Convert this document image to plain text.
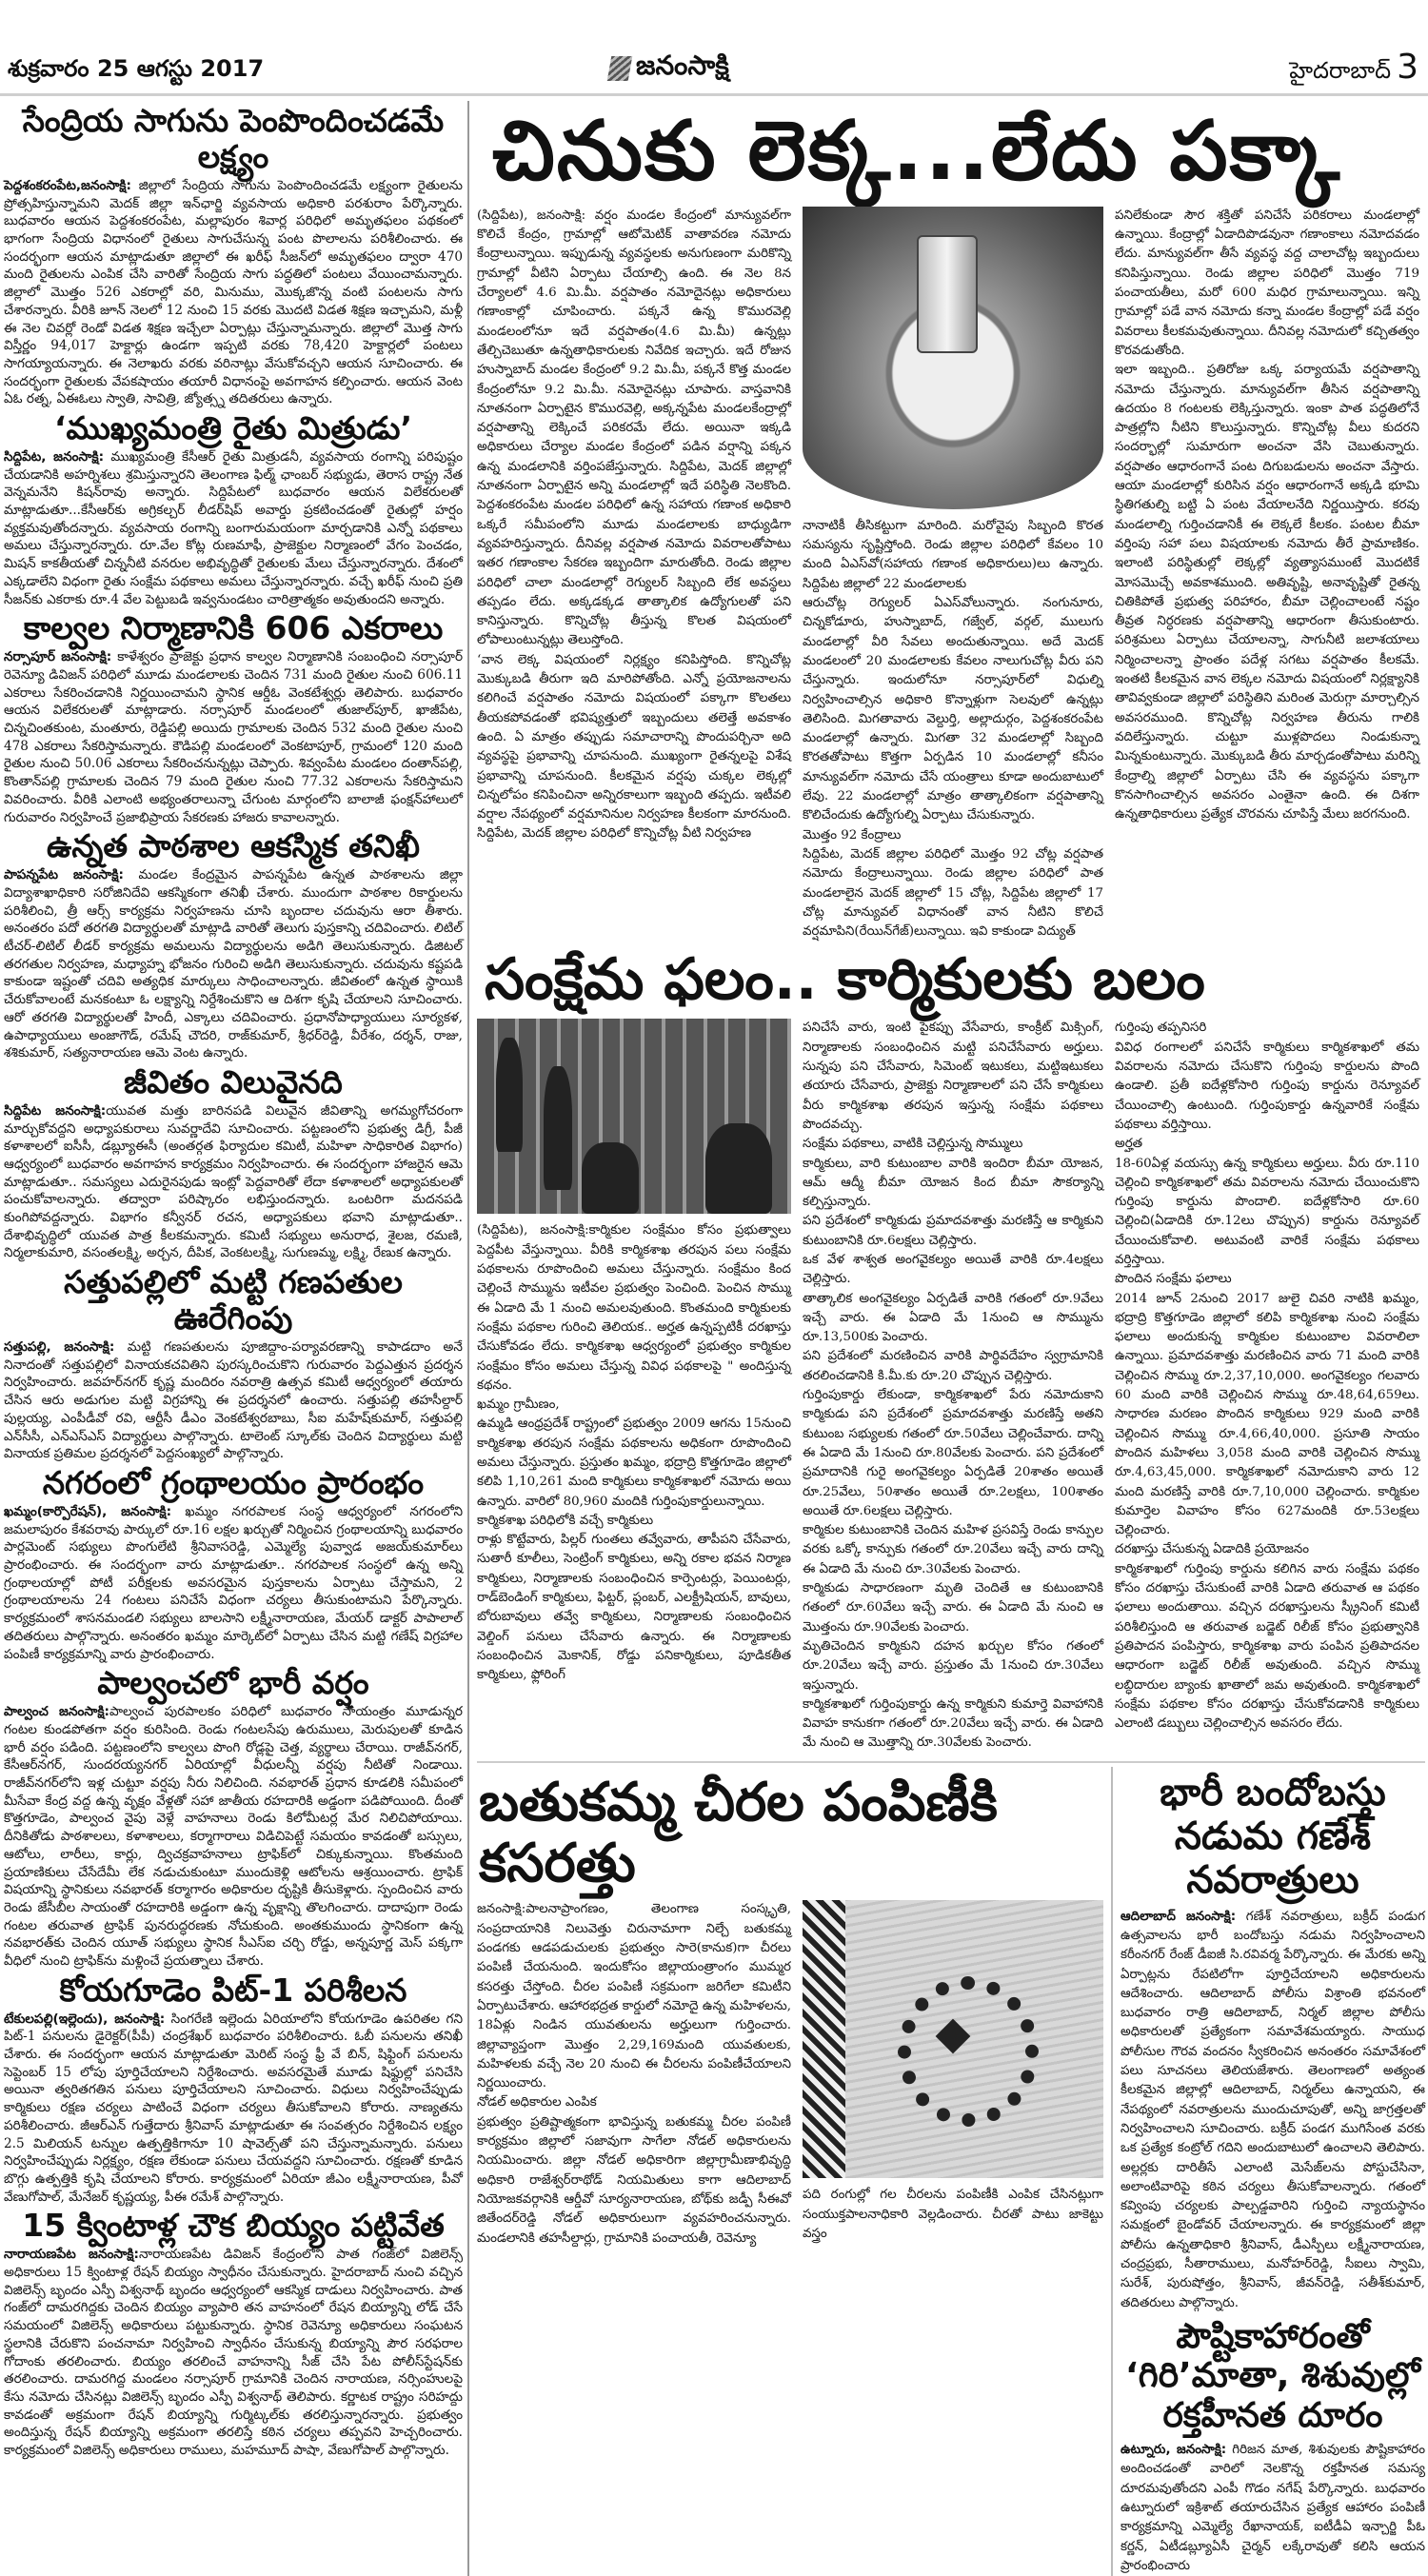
శుక్రవారం 25 ఆగస్టు 2017	జనంసాక్షి	హైదరాబాద్ 3
సేంద్రియ సాగును పెంపొందించడమే లక్ష్యం

పెద్దశంకరంపేట,జనంసాక్షి: జిల్లాలో సేంద్రియ సాగును పెంపొందించడమే లక్ష్యంగా రైతులను ప్రోత్సహిస్తున్నామని మెదక్ జిల్లా ఇన్‌ఛార్జి వ్యవసాయ అధికారి పరశురాం పేర్కొన్నారు. బుధవారం ఆయన పెద్దశంకరంపేట, మల్లాపురం శివార్ల పరిధిలో అమృతఫలం పథకంలో భాగంగా సేంద్రియ విధానంలో రైతులు సాగుచేసున్న పంట పొలాలను పరిశీలించారు. ఈ సందర్భంగా ఆయన మాట్లాడుతూ జిల్లాలో ఈ ఖరీఫ్ సీజన్‌లో అమృతఫలం ద్వారా 470 మంది రైతులను ఎంపిక చేసి వారితో సేంద్రియ సాగు పద్ధతిలో పంటలు వేయించామన్నారు. జిల్లాలో మొత్తం 526 ఎకరాల్లో వరి, మినుము, మొక్కజొన్న వంటి పంటలను సాగు చేశారన్నారు. వీరికి జూన్ నెలలో 12 నుంచి 15 వరకు మొదటి విడత శిక్షణ ఇచ్చామని, మళ్లీ ఈ నెల చివర్లో రెండో విడత శిక్షణ ఇచ్చేలా ఏర్పాట్లు చేస్తున్నామన్నారు. జిల్లాలో మొత్త సాగు విస్తీర్ణం 94,017 హెక్టార్లు ఉండగా ఇప్పటి వరకు 78,420 హెక్టార్లలో పంటలు సాగయ్యాయన్నారు. ఈ నెలాఖరు వరకు వరినాట్లు వేసుకోవచ్చని ఆయన సూచించారు. ఈ సందర్భంగా రైతులకు వేపకషాయం తయారీ విధానంపై అవగాహన కల్పించారు. ఆయన వెంట ఏఓ రత్న, ఏఈఓలు స్వాతి, సావిత్రి, జ్యోత్స్న తదితరులు ఉన్నారు.

‘ముఖ్యమంత్రి రైతు మిత్రుడు’

సిద్దిపేట, జనంసాక్షి: ముఖ్యమంత్రి కేసీఆర్ రైతు మిత్రుడనీ, వ్యవసాయ రంగాన్ని పరిపుష్టం చేయడానికి అహర్నిశలు శ్రమిస్తున్నారని తెలంగాణ ఫిల్మ్ ఛాంబర్ సభ్యుడు, తెరాస రాష్ట్ర నేత వెన్నమనేని కిషన్‌రావు అన్నారు. సిద్దిపేటలో బుధవారం ఆయన విలేకరులతో మాట్లాడుతూ...కేసీఆర్‌కు అగ్రికల్చర్ లీడర్‌షిప్ అవార్డు ప్రకటించడంతో రైతుల్లో హర్షం వ్యక్తమవుతోందన్నారు. వ్యవసాయ రంగాన్ని బంగారుమయంగా మార్చడానికి ఎన్నో పథకాలు అమలు చేస్తున్నారన్నారు. రూ.వేల కోట్ల రుణమాఫీ, ప్రాజెక్టుల నిర్మాణంలో వేగం పెంచడం, మిషన్ కాకతీయతో చిన్ననీటి వనరుల అభివృద్ధితో రైతులకు మేలు చేస్తున్నారన్నారు. దేశంలో ఎక్కడాలేని విధంగా రైతు సంక్షేమ పథకాలు అమలు చేస్తున్నారన్నారు. వచ్చే ఖరీఫ్ నుంచి ప్రతి సీజన్‌కు ఎకరాకు రూ.4 వేల పెట్టుబడి ఇవ్వనుండటం చారిత్రాత్మకం అవుతుందని అన్నారు.

కాల్వల నిర్మాణానికి 606 ఎకరాలు

నర్సాపూర్ జనంసాక్షి: కాళేశ్వరం ప్రాజెక్టు ప్రధాన కాల్వల నిర్మాణానికి సంబంధించి నర్సాపూర్ రెవెన్యూ డివిజన్ పరిధిలో మూడు మండలాలకు చెందిన 731 మంది రైతుల నుంచి 606.11 ఎకరాలు సేకరించడానికి నిర్ణయించామని స్థానిక ఆర్డీఓ వెంకటేశ్వర్లు తెలిపారు. బుధవారం ఆయన విలేకరులతో మాట్లాడారు. నర్సాపూర్ మండలంలో తుజాల్‌పూర్, ఖాజీపేట, చిన్నచింతకుంట, మంతూరు, రెడ్డిపల్లి అయిదు గ్రామాలకు చెందిన 532 మంది రైతుల నుంచి 478 ఎకరాలు సేకరిస్తామన్నారు. కౌడిపల్లి మండలంలో వెంకటాపూర్, గ్రామంలో 120 మంది రైతుల నుంచి 50.06 ఎకరాలు సేకరించనున్నట్లు చెప్పారు. శివ్వంపేట మండలం దంతాన్‌పల్లి, కొంతాన్‌పల్లి గ్రామాలకు చెందిన 79 మంది రైతుల నుంచి 77.32 ఎకరాలను సేకరిస్తామని వివరించారు. వీరికి ఎలాంటి అభ్యంతరాలున్నా చేగుంట మార్గంలోని బాలాజీ ఫంక్షన్‌హాలులో గురువారం నిర్వహించే ప్రజాభిప్రాయ సేకరణకు హాజరు కావాలన్నారు.

ఉన్నత పాఠశాల ఆకస్మిక తనిఖీ

పాపన్నపేట జనంసాక్షి: మండల కేంద్రమైన పాపన్నపేట ఉన్నత పాఠశాలను జిల్లా విద్యాశాఖాధికారి సరోజినిదేవి ఆకస్మికంగా తనిఖీ చేశారు. ముందుగా పాఠశాల రికార్డులను పరిశీలించి, త్రీ ఆర్స్ కార్యక్రమ నిర్వహణను చూసి బృందాల చదువును ఆరా తీశారు. అనంతరం పదో తరగతి విద్యార్థులతో మాట్లాడి వారితో తెలుగు పుస్తకాన్ని చదివించారు. లిటిల్ టీచర్-లిటిల్ లీడర్ కార్యక్రమ అమలును విద్యార్థులను అడిగి తెలుసుకున్నారు. డిజిటల్ తరగతుల నిర్వహణ, మధ్యాహ్న భోజనం గురించి అడిగి తెలుసుకున్నారు. చదువును కష్టపడి కాకుండా ఇష్టంతో చదివి అత్యధిక మార్కులు సాధించాలన్నారు. జీవితంలో ఉన్నత స్థాయికి చేరుకోవాలంటే మనకంటూ ఓ లక్ష్యాన్ని నిర్దేశించుకొని ఆ దిశగా కృషి చేయాలని సూచించారు. ఆరో తరగతి విద్యార్థులతో హిందీ, ఎక్కాలు చదివించారు. ప్రధానోపాధ్యాయులు సూర్యకళ, ఉపాధ్యాయులు అంజాగౌడ్, రమేష్ చౌదరి, రాజ్‌కుమార్, శ్రీధర్‌రెడ్డి, వీరేశం, దర్శన్, రాజు, శశికుమార్, సత్యనారాయణ ఆమె వెంట ఉన్నారు.

జీవితం విలువైనది

సిద్దిపేట జనంసాక్షి:యువత మత్తు బారినపడి విలువైన జీవితాన్ని అగమ్యగోచరంగా మార్చుకోవద్దని అధ్యాపకురాలు సువర్ణాదేవి సూచించారు. పట్టణంలోని ప్రభుత్వ డిగ్రీ, పీజీ కళాశాలలో ఐసీసీ, డబ్ల్యూఈసీ (అంతర్గత ఫిర్యాదుల కమిటీ, మహిళా సాధికారిత విభాగం) ఆధ్వర్యంలో బుధవారం అవగాహన కార్యక్రమం నిర్వహించారు. ఈ సందర్భంగా హాజరైన ఆమె మాట్లాడుతూ.. సమస్యలు ఎదురైనపుడు ఇంట్లో పెద్దవారితో లేదా కళాశాలలో అధ్యాపకులతో పంచుకోవాలన్నారు. తద్వారా పరిష్కారం లభిస్తుందన్నారు. ఒంటరిగా మదనపడి కుంగిపోవద్దన్నారు. విభాగం కన్వీనర్ రచన, అధ్యాపకులు భవాని మాట్లాడుతూ.. దేశాభివృద్ధిలో యువత పాత్ర కీలకమన్నారు. కమిటీ సభ్యులు అనురాధ, శైలజ, రమణి, నిర్మలాకుమారి, వసంతలక్ష్మి, అర్చన, దీపిక, వెంకటలక్ష్మి, సుగుణమ్మ, లక్ష్మి, రేణుక ఉన్నారు.

సత్తుపల్లిలో మట్టి గణపతుల ఊరేగింపు

సత్తుపల్లి, జనంసాక్షి: మట్టి గణపతులను పూజిద్దాం-పర్యావరణాన్ని కాపాడదాం అనే నినాదంతో సత్తుపల్లిలో వినాయకచవితిని పురస్కరించుకొని గురువారం పెద్దఎత్తున ప్రదర్శన నిర్వహించారు. జవహర్‌నగర్ కృష్ణ మందిరం నవరాత్రి ఉత్సవ కమిటీ ఆధ్వర్యంలో తయారు చేసిన ఆరు అడుగుల మట్టి విగ్రహాన్ని ఈ ప్రదర్శనలో ఉంచారు. సత్తుపల్లి తహసీల్దార్ పుల్లయ్య, ఎంపీడీవో రవి, ఆర్టీసీ డీఎం వెంకటేశ్వరబాబు, సీఐ మహేష్‌కుమార్, సత్తుపల్లి ఎన్‌సీసీ, ఎన్‌ఎస్‌ఎస్ విద్యార్థులు పాల్గొన్నారు. టాలెంట్ స్కూల్‌కు చెందిన విద్యార్థులు మట్టి వినాయక ప్రతిమల ప్రదర్శనలో పెద్దసంఖ్యలో పాల్గొన్నారు.

నగరంలో గ్రంథాలయం ప్రారంభం

ఖమ్మం(కార్పొరేషన్), జనంసాక్షి: ఖమ్మం నగరపాలక సంస్థ ఆధ్వర్యంలో నగరంలోని జమలాపురం కేశవరావు పార్కులో రూ.16 లక్షల ఖర్చుతో నిర్మించిన గ్రంథాలయాన్ని బుధవారం పార్లమెంట్ సభ్యులు పొంగులేటి శ్రీనివాసరెడ్డి, ఎమ్మెల్యే పువ్వాడ అజయ్‌కుమార్‌లు ప్రారంభించారు. ఈ సందర్భంగా వారు మాట్లాడుతూ.. నగరపాలక సంస్థలో ఉన్న అన్ని గ్రంథాలయాల్లో పోటీ పరీక్షలకు అవసరమైన పుస్తకాలను ఏర్పాటు చేస్తామని, 2 గ్రంథాలయాలను 24 గంటలు పనిచేసే విధంగా చర్యలు తీసుకుంటామని పేర్కొన్నారు. కార్యక్రమంలో శాసనమండలి సభ్యులు బాలసాని లక్ష్మీనారాయణ, మేయర్ డాక్టర్ పాపాలాల్ తదితరులు పాల్గొన్నారు. అనంతరం ఖమ్మం మార్కెట్‌లో ఏర్పాటు చేసిన మట్టి గణేష్ విగ్రహాల పంపిణీ కార్యక్రమాన్ని వారు ప్రారంభించారు.

పాల్వంచలో భారీ వర్షం

పాల్వంచ జనంసాక్షి:పాల్వంచ పురపాలకం పరిధిలో బుధవారం సాయంత్రం మూడున్నర గంటల కుండపోతగా వర్షం కురిసింది. రెండు గంటలసేపు ఉరుములు, మెరుపులతో కూడిన భారీ వర్షం పడింది. పట్టణంలోని కాల్వలు పొంగి రోడ్లపై చెత్త, వ్యర్థాలు చేరాయి. రాజీవ్‌నగర్, కేసీఆర్‌నగర్, సుందరయ్యనగర్ ఏరియాల్లో వీధులన్నీ వర్షపు నీటితో నిండాయి. రాజీవ్‌నగర్‌లోని ఇళ్ల చుట్టూ వర్షపు నీరు నిలిచింది. నవభారత్ ప్రధాన కూడలికి సమీపంలో మీసేవా కేంద్ర వద్ద ఉన్న వృక్షం వేళ్లతో సహా జాతీయ రహదారికి అడ్డంగా పడిపోయింది. దీంతో కొత్తగూడెం, పాల్వంచ వైపు వెళ్లే వాహనాలు రెండు కిలోమీటర్ల మేర నిలిచిపోయాయి. దీనికితోడు పాఠశాలలు, కళాశాలలు, కర్మాగారాలు విడిచిపెట్టే సమయం కావడంతో బస్సులు, ఆటోలు, లారీలు, కార్లు, ద్విచక్రవాహనాలు ట్రాఫిక్‌లో చిక్కుకున్నాయి. కొంతమంది ప్రయాణికులు చేసేదేమీ లేక నడుచుకుంటూ ముందుకెళ్లి ఆటోలను ఆశ్రయించారు. ట్రాఫిక్ విషయాన్ని స్థానికులు నవభారత్ కర్మాగారం అధికారుల దృష్టికి తీసుకెళ్లారు. స్పందించిన వారు రెండు జేసీబీల సాయంతో రహదారికి అడ్డంగా ఉన్న వృక్షాన్ని తొలగించారు. దాదాపుగా రెండు గంటల తరువాత ట్రాఫిక్ పునరుద్ధరణకు నోచుకుంది. అంతకుముందు స్థానికంగా ఉన్న నవభారత్‌కు చెందిన యూత్ సభ్యులు స్థానిక సీఎస్‌ఐ చర్చి రోడ్డు, అన్నపూర్ణ మెస్ పక్కగా వీధిలో నుంచి ట్రాఫిక్‌ను మళ్లించే ప్రయత్నాలు చేశారు.

కోయగూడెం పిట్-1 పరిశీలన

టేకులపల్లి(ఇల్లెందు), జనంసాక్షి: సింగరేణి ఇల్లెందు ఏరియాలోని కోయగూడెం ఉపరితల గని పిట్-1 పనులను డైరెక్టర్(పీపీ) చంద్రశేఖర్ బుధవారం పరిశీలించారు. ఓబీ పనులను తనిఖీ చేశారు. ఈ సందర్భంగా ఆయన మాట్లాడుతూ మెరిట్ సంస్థ ఫ్రీ వే బిన్, షిఫ్టింగ్ పనులను సెప్టెంబర్ 15 లోపు పూర్తిచేయాలని నిర్దేశించారు. అవసరమైతే మూడు షిఫ్టుల్లో పనిచేసి అయినా త్వరితగతిన పనులు పూర్తిచేయాలని సూచించారు. విధులు నిర్వహించేప్పుడు కార్మికులు రక్షణ చర్యలు పాటించే విధంగా చర్యలు తీసుకోవాలని కోరారు. నాణ్యతను పరిశీలించారు. జీఆర్‌ఎన్ గుత్తేదారు శ్రీనివాస్ మాట్లాడుతూ ఈ సంవత్సరం నిర్దేశించిన లక్ష్యం 2.5 మిలియన్ టన్నుల ఉత్పత్తికిగానూ 10 షావెల్స్‌తో పని చేస్తున్నామన్నారు. పనులు నిర్వహించేప్పుడు నిర్లక్ష్యం, రక్షణ లేకుండా పనులు చేయవద్దని సూచించారు. రక్షణతో కూడిన బొగ్గు ఉత్పత్తికి కృషి చేయాలని కోరారు. కార్యక్రమంలో ఏరియా జీఎం లక్ష్మీనారాయణ, పీవో వేణుగోపాల్, మేనేజర్ కృష్ణయ్య, పీఈ రమేశ్ పాల్గొన్నారు.

15 క్వింటాళ్ల చౌక బియ్యం పట్టివేత

నారాయణపేట జనంసాక్షి:నారాయణపేట డివిజన్ కేంద్రంలోని పాత గంజ్‌లో విజిలెన్స్ అధికారులు 15 క్వింటాళ్ల రేషన్ బియ్యం స్వాధీనం చేసుకున్నారు. హైదరాబాద్ నుంచి వచ్చిన విజిలెన్స్ బృందం ఎస్పీ విశ్వనాథ్ బృందం ఆధ్వర్యంలో ఆకస్మిక దాడులు నిర్వహించారు. పాత గంజ్‌లో దామరగిద్దకు చెందిన బియ్యం వ్యాపారి తన వాహనంలో రేషన బియ్యాన్ని లోడ్ చేసే సమయంలో విజిలెన్స్ అధికారులు పట్టుకున్నారు. స్థానిక రెవెన్యూ అధికారులు సంఘటన స్థలానికి చేరుకొని పంచనామా నిర్వహించి స్వాధీనం చేసుకున్న బియ్యాన్ని పౌర సరఫరాల గోదాంకు తరలించారు. బియ్యం తరలించే వాహనాన్ని సీజ్ చేసి పేట పోలీస్‌స్టేషన్‌కు తరలించారు. దామరగిద్ద మండలం నర్సాపూర్ గ్రామానికి చెందిన నారాయణ, నర్సింహులపై కేసు నమోదు చేసినట్లు విజిలెన్స్ బృందం ఎస్పీ విశ్వనాథ్ తెలిపారు. కర్ణాటక రాష్ట్రం సరిహద్దు కావడంతో అక్రమంగా రేషన్ బియ్యాన్ని గుర్మిట్కల్‌కు తరలిస్తున్నారన్నారు. ప్రభుత్వం అందిస్తున్న రేషన్ బియ్యాన్ని అక్రమంగా తరలిస్తే కఠిన చర్యలు తప్పవని హెచ్చరించారు. కార్యక్రమంలో విజిలెన్స్ అధికారులు రాములు, మహమూద్ పాషా, వేణుగోపాల్ పాల్గొన్నారు.

చినుకు లెక్క...లేదు పక్కా

(సిద్దిపేట), జనంసాక్షి: వర్షం మండల కేంద్రంలో మాన్యువల్‌గా కొలిచే కేంద్రం, గ్రామాల్లో ఆటోమెటిక్ వాతావరణ నమోదు కేంద్రాలున్నాయి. ఇప్పుడున్న వ్యవస్థలకు అనుగుణంగా మరికొన్ని గ్రామాల్లో వీటిని ఏర్పాటు చేయాల్సి ఉంది. ఈ నెల 8న చేర్యాలలో 4.6 మి.మీ. వర్షపాతం నమోదైనట్లు అధికారులు గణాంకాల్లో చూపించారు. పక్కనే ఉన్న కొమురవెల్లి మండలంలోనూ ఇదే వర్షపాతం(4.6 మి.మీ) ఉన్నట్లు తేల్చిచెబుతూ ఉన్నతాధికారులకు నివేదిక ఇచ్చారు. ఇదే రోజున హుస్నాబాద్ మండల కేంద్రంలో 9.2 మి.మీ, పక్కనే కొత్త మండల కేంద్రంలోనూ 9.2 మి.మీ. నమోదైనట్లు చూపారు. వాస్తవానికి నూతనంగా ఏర్పాటైన కొమురవెల్లి, అక్కన్నపేట మండలకేంద్రాల్లో వర్షపాతాన్ని లెక్కించే పరికరమే లేదు. అయినా ఇక్కడి అధికారులు చేర్యాల మండల కేంద్రంలో పడిన వర్షాన్ని పక్కన ఉన్న మండలానికి వర్తింపజేస్తున్నారు. సిద్దిపేట, మెదక్ జిల్లాల్లో నూతనంగా ఏర్పాటైన అన్ని మండలాల్లో ఇదే పరిస్థితి నెలకొంది. పెద్దశంకరంపేట మండల పరిధిలో ఉన్న సహాయ గణాంక అధికారి ఒక్కరే సమీపంలోని మూడు మండలాలకు బాధ్యుడిగా వ్యవహరిస్తున్నారు. దీనివల్ల వర్షపాత నమోదు వివరాలతోపాటు ఇతర గణాంకాల సేకరణ ఇబ్బందిగా మారుతోంది. రెండు జిల్లాల పరిధిలో చాలా మండలాల్లో రెగ్యులర్ సిబ్బంది లేక అవస్థలు తప్పడం లేదు. అక్కడక్కడ తాత్కాలిక ఉద్యోగులతో పని కానిస్తున్నారు. కొన్నిచోట్ల తీస్తున్న కొలత విషయంలో లోపాలుంటున్నట్లు తెలుస్తోంది.

‘వాన లెక్క విషయంలో నిర్లక్ష్యం కనిపిస్తోంది. కొన్నిచోట్ల మొక్కుబడి తీరుగా ఇది మారిపోతోంది. ఎన్నో ప్రయోజనాలను కలిగించే వర్షపాతం నమోదు విషయంలో పక్కాగా కొలతలు తీయకపోవడంతో భవిష్యత్తులో ఇబ్బందులు తలెత్తే అవకాశం ఉంది. ఏ మాత్రం తప్పుడు సమాచారాన్ని పొందుపర్చినా అది వ్యవస్థపై ప్రభావాన్ని చూపనుంది. ముఖ్యంగా రైతన్నలపై విశేష ప్రభావాన్ని చూపనుంది. కీలకమైన వర్షపు చుక్కల లెక్కల్లో చిన్నలోపం కనిపించినా అన్నిరకాలుగా ఇబ్బంది తప్పదు. ఇటీవలి వర్షాల నేపథ్యంలో వర్షమానినుల నిర్వహణ కీలకంగా మారనుంది. సిద్దిపేట, మెదక్ జిల్లాల పరిధిలో కొన్నిచోట్ల వీటి నిర్వహణ

నానాటికీ తీసికట్టుగా మారింది. మరోవైపు సిబ్బంది కొరత సమస్యను సృష్టిస్తోంది. రెండు జిల్లాల పరిధిలో కేవలం 10 మంది ఏఎస్‌వో(సహాయ గణాంక అధికారులు)లు ఉన్నారు. సిద్దిపేట జిల్లాలో 22 మండలాలకు

ఆరుచోట్ల రెగ్యులర్ ఏఎస్‌వోలున్నారు. నంగునూరు, చిన్నకోడూరు, హుస్నాబాద్, గజ్వేల్, వర్గల్, ములుగు మండలాల్లో వీరి సేవలు అందుతున్నాయి. అదే మెదక్ మండలంలో 20 మండలాలకు కేవలం నాలుగుచోట్ల వీరు పని చేస్తున్నారు. ఇందులోనూ నర్సాపూర్‌లో విధుల్ని నిర్వహించాల్సిన అధికారి కొన్నాళ్లుగా సెలవులో ఉన్నట్లు తెలిసింది. మిగతావారు వెల్దుర్తి, అల్లాదుర్గం, పెద్దశంకరంపేట మండలాల్లో ఉన్నారు. మిగతా 32 మండలాల్లో సిబ్బంది కొరతతోపాటు కొత్తగా ఏర్పడిన 10 మండలాల్లో కనీసం మాన్యువల్‌గా నమోదు చేసే యంత్రాలు కూడా అందుబాటులో లేవు. 22 మండలాల్లో మాత్రం తాత్కాలికంగా వర్షపాతాన్ని కొలిచేందుకు ఉద్యోగుల్ని ఏర్పాటు చేసుకున్నారు.

మొత్తం 92 కేంద్రాలు

సిద్దిపేట, మెదక్ జిల్లాల పరిధిలో మొత్తం 92 చోట్ల వర్షపాత నమోదు కేంద్రాలున్నాయి. రెండు జిల్లాల పరిధిలో పాత మండలాలైన మెదక్ జిల్లాలో 15 చోట్ల, సిద్దిపేట జిల్లాలో 17 చోట్ల మాన్యువల్ విధానంతో వాన నీటిని కొలిచే వర్షమాపిని(రేయిన్‌గేజ్)లున్నాయి. ఇవి కాకుండా విద్యుత్

పనిలేకుండా సౌర శక్తితో పనిచేసే పరికరాలు మండలాల్లో ఉన్నాయి. కేంద్రాల్లో ఏడాదిపొడవునా గణాంకాలు నమోదవడం లేదు. మాన్యువల్‌గా తీసే వ్యవస్థ వద్ద చాలాచోట్ల ఇబ్బందులు కనిపిస్తున్నాయి. రెండు జిల్లాల పరిధిలో మొత్తం 719 పంచాయతీలు, మరో 600 మధిర గ్రామాలున్నాయి. ఇన్ని గ్రామాల్లో పడే వాన నమోదు కన్నా మండల కేంద్రాల్లో పడే వర్షం వివరాలు కీలకమవుతున్నాయి. దీనివల్ల నమోదులో కచ్చితత్వం కొరవడుతోంది.

ఇలా ఇబ్బంది.. ప్రతిరోజు ఒక్క పర్యాయమే వర్షపాతాన్ని నమోదు చేస్తున్నారు. మాన్యువల్‌గా తీసిన వర్షపాతాన్ని ఉదయం 8 గంటలకు లెక్కిస్తున్నారు. ఇంకా పాత పద్ధతిలోనే పాత్రల్లోని నీటిని కొలుస్తున్నారు. కొన్నిచోట్ల వీలు కుదరని సందర్భాల్లో సుమారుగా అంచనా వేసి చెబుతున్నారు. వర్షపాతం ఆధారంగానే పంట దిగుబడులను అంచనా వేస్తారు. ఆయా మండలాల్లో కురిసిన వర్షం ఆధారంగానే అక్కడి భూమి స్థితిగతుల్ని బట్టి ఏ పంట వేయాలనేది నిర్ణయిస్తారు. కరవు మండలాల్ని గుర్తించడానికీ ఈ లెక్కలే కీలకం. పంటల బీమా వర్తింపు సహా పలు విషయాలకు నమోదు తీరే ప్రామాణికం. ఇలాంటి పరిస్థితుల్లో లెక్కల్లో వ్యత్యాసముంటే మొదటికే మోసమొచ్చే అవకాశముంది. అతివృష్టి, అనావృష్టితో రైతన్న చితికిపోతే ప్రభుత్వ పరిహారం, బీమా చెల్లించాలంటే నష్టం తీవ్రత నిర్ధరణకు వర్షపాతాన్ని ఆధారంగా తీసుకుంటారు. పరిశ్రమలు ఏర్పాటు చేయాలన్నా, సాగునీటి జలాశయాలు నిర్మించాలన్నా ప్రాంతం పదేళ్ల సగటు వర్షపాతం కీలకమే. ఇంతటి కీలకమైన వాన లెక్కల నమోదు విషయంలో నిర్లక్ష్యానికి తావివ్వకుండా జిల్లాలో పరిస్థితిని మరింత మెరుగ్గా మార్చాల్సిన అవసరముంది. కొన్నిచోట్ల నిర్వహణ తీరును గాలికి వదిలేస్తున్నారు. చుట్టూ ముళ్లపొదలు నిండుకున్నా మిన్నకుంటున్నారు. మొక్కుబడి తీరు మార్చడంతోపాటు మరిన్ని కేంద్రాల్ని జిల్లాలో ఏర్పాటు చేసి ఈ వ్యవస్థను పక్కాగా కొనసాగించాల్సిన అవసరం ఎంతైనా ఉంది. ఈ దిశగా ఉన్నతాధికారులు ప్రత్యేక చొరవను చూపిస్తే మేలు జరగనుంది.

సంక్షేమ ఫలం.. కార్మికులకు బలం

(సిద్దిపేట), జనంసాక్షి:కార్మికుల సంక్షేమం కోసం ప్రభుత్వాలు పెద్దపీట వేస్తున్నాయి. వీరికి కార్మికశాఖ తరపున పలు సంక్షేమ పథకాలను రూపొందించి అమలు చేస్తున్నారు. సంక్షేమం కింద చెల్లించే సొమ్మును ఇటీవల ప్రభుత్వం పెంచింది. పెంచిన సొమ్ము ఈ ఏడాది మే 1 నుంచి అమలవుతుంది. కొంతమంది కార్మికులకు సంక్షేమ పథకాల గురించి తెలియక.. అర్హత ఉన్నప్పటికీ దరఖాస్తు చేసుకోవడం లేదు. కార్మికశాఖ ఆధ్వర్యంలో ప్రభుత్వం కార్మికుల సంక్షేమం కోసం అమలు చేస్తున్న వివిధ పథకాలపై " అందిస్తున్న కథనం.

ఖమ్మం గ్రామీణం,

ఉమ్మడి ఆంధ్రప్రదేశ్ రాష్ట్రంలో ప్రభుత్వం 2009 ఆగను 15నుంచి కార్మికశాఖ తరపున సంక్షేమ పథకాలను అధికంగా రూపొందించి అమలు చేస్తున్నారు. ప్రస్తుతం ఖమ్మం, భద్రాద్రి కొత్తగూడెం జిల్లాలో కలిపి 1,10,261 మంది కార్మికులు కార్మికశాఖలో నమోదు అయి ఉన్నారు. వారిలో 80,960 మందికి గుర్తింపుకార్డులున్నాయి.

కార్మికశాఖ పరిధిలోకి వచ్చే కార్మికులు

రాళ్లు కొట్టేవారు, పిల్లర్ గుంతలు తవ్వేవారు, తాపీపని చేసేవారు, సుతారీ కూలీలు, సెంట్రింగ్ కార్మికులు, అన్ని రకాల భవన నిర్మాణ కార్మికులు, నిర్మాణాలకు సంబంధించిన కార్పెంటర్లు, పెయింటర్లు, రాడ్‌బెండింగ్ కార్మికులు, ఫిట్టర్, ప్లంబర్, ఎలక్ట్రీషియన్, బావులు, బోరుబావులు తవ్వే కార్మికులు, నిర్మాణాలకు సంబంధించిన వెల్డింగ్ పనులు చేసేవారు ఉన్నారు. ఈ నిర్మాణాలకు సంబంధించిన మెకానిక్, రోడ్డు పనికార్మికులు, పూడికతీత కార్మికులు, ఫ్లోరింగ్

పనిచేసే వారు, ఇంటి పైకప్పు వేసేవారు, కాంక్రీట్ మిక్సింగ్, నిర్మాణాలకు సంబంధించిన మట్టి పనిచేసేవారు అర్హులు. సున్నపు పని చేసేవారు, సిమెంట్ ఇటుకలు, మట్టిఇటుకలు తయారు చేసేవారు, ప్రాజెక్టు నిర్మాణాలలో పని చేసే కార్మికులు వీరు కార్మికశాఖ తరపున ఇస్తున్న సంక్షేమ పథకాలు పొందవచ్చు.

సంక్షేమ పథకాలు, వాటికి చెల్లిస్తున్న సొమ్ములు

కార్మికులు, వారి కుటుంబాల వారికి ఇందిరా బీమా యోజన, ఆమ్ ఆద్మీ బీమా యోజన కింద బీమా సౌకర్యాన్ని కల్పిస్తున్నారు.

పని ప్రదేశంలో కార్మికుడు ప్రమాదవశాత్తు మరణిస్తే ఆ కార్మికుని కుటుంబానికి రూ.6లక్షలు చెల్లిస్తారు.

ఒక వేళ శాశ్వత అంగవైకల్యం అయితే వారికి రూ.4లక్షలు చెల్లిస్తారు.

తాత్కాలిక అంగవైకల్యం ఏర్పడితే వారికి గతంలో రూ.9వేలు ఇచ్చే వారు. ఈ ఏడాది మే 1నుంచి ఆ సొమ్మును రూ.13,500కు పెంచారు.

పని ప్రదేశంలో మరణించిన వారికి పార్థివదేహం స్వగ్రామానికి తరలించడానికి కి.మీ.కు రూ.20 చొప్పున చెల్లిస్తారు.

గుర్తింపుకార్డు లేకుండా, కార్మికశాఖలో పేరు నమోదుకాని కార్మికుడు పని ప్రదేశంలో ప్రమాదవశాత్తు మరణిస్తే అతని కుటుంబ సభ్యులకు గతంలో రూ.50వేలు చెల్లించేవారు. దాన్ని ఈ ఏడాది మే 1నుంచి రూ.80వేలకు పెంచారు. పని ప్రదేశంలో ప్రమాదానికి గురై అంగవైకల్యం ఏర్పడితే 20శాతం అయితే రూ.25వేలు, 50శాతం అయితే రూ.2లక్షలు, 100శాతం అయితే రూ.6లక్షలు చెల్లిస్తారు.

కార్మికుల కుటుంబానికి చెందిన మహిళ ప్రసవిస్తే రెండు కాన్పుల వరకు ఒక్కో కాన్పుకు గతంలో రూ.20వేలు ఇచ్చే వారు దాన్ని ఈ ఏడాది మే నుంచి రూ.30వేలకు పెంచారు.

కార్మికుడు సాధారణంగా మృతి చెందితే ఆ కుటుంబానికి గతంలో రూ.60వేలు ఇచ్చే వారు. ఈ ఏడాది మే నుంచి ఆ మొత్తంను రూ.90వేలకు పెంచారు.

మృతిచెందిన కార్మికుని దహన ఖర్చుల కోసం గతంలో రూ.20వేలు ఇచ్చే వారు. ప్రస్తుతం మే 1నుంచి రూ.30వేలు ఇస్తున్నారు.

కార్మికశాఖలో గుర్తింపుకార్డు ఉన్న కార్మికుని కుమార్తె వివాహానికి వివాహ కానుకగా గతంలో రూ.20వేలు ఇచ్చే వారు. ఈ ఏడాది మే నుంచి ఆ మొత్తాన్ని రూ.30వేలకు పెంచారు.

గుర్తింపు తప్పనిసరి

వివిధ రంగాలలో పనిచేసే కార్మికులు కార్మికశాఖలో తమ వివరాలను నమోదు చేసుకొని గుర్తింపు కార్డులను పొంది ఉండాలి. ప్రతీ ఐదేళ్లకోసారి గుర్తింపు కార్డును రెన్యూవల్ చేయించాల్సి ఉంటుంది. గుర్తింపుకార్డు ఉన్నవారికే సంక్షేమ పథకాలు వర్తిస్తాయి.

అర్హత

18-60ఏళ్ల వయస్సు ఉన్న కార్మికులు అర్హులు. వీరు రూ.110 చెల్లించి కార్మికశాఖలో తమ వివరాలను నమోదు చేయించుకొని గుర్తింపు కార్డును పొందాలి. ఐదేళ్లకోసారి రూ.60 చెల్లించి(ఏడాదికి రూ.12లు చొప్పున) కార్డును రెన్యూవల్ చేయించుకోవాలి. అటువంటి వారికే సంక్షేమ పథకాలు వర్తిస్తాయి.

పొందిన సంక్షేమ ఫలాలు

2014 జూన్ 2నుంచి 2017 జులై చివరి నాటికి ఖమ్మం, భద్రాద్రి కొత్తగూడెం జిల్లాలో కలిపి కార్మికశాఖ నుంచి సంక్షేమ ఫలాలు అందుకున్న కార్మికుల కుటుంబాల వివరాలిలా ఉన్నాయి. ప్రమాదవశాత్తు మరణించిన వారు 71 మంది వారికి చెల్లించిన సొమ్ము రూ.2,37,10,000. అంగవైకల్యం గలవారు 60 మంది వారికి చెల్లించిన సొమ్ము రూ.48,64,659లు. సాధారణ మరణం పొందిన కార్మికులు 929 మంది వారికి చెల్లించిన సొమ్ము రూ.4,66,40,000. ప్రసూతి సాయం పొందిన మహిళలు 3,058 మంది వారికి చెల్లించిన సొమ్ము రూ.4,63,45,000. కార్మికశాఖలో నమోదుకాని వారు 12 మంది మరణిస్తే వారికి రూ.7,10,000 చెల్లించారు. కార్మికుల కుమార్తెల వివాహం కోసం 627మందికి రూ.53లక్షలు చెల్లించారు.

దరఖాస్తు చేసుకున్న ఏడాదికి ప్రయోజనం

కార్మికశాఖలో గుర్తింపు కార్డును కలిగిన వారు సంక్షేమ పథకం కోసం దరఖాస్తు చేసుకుంటే వారికి ఏడాది తరువాత ఆ పథకం ఫలాలు అందుతాయి. వచ్చిన దరఖాస్తులను స్క్రీనింగ్ కమిటీ పరిశీలిస్తుంది ఆ తరువాత బడ్జెట్ రిలీజ్ కోసం ప్రభుత్వానికి ప్రతిపాదన పంపిస్తారు, కార్మికశాఖ వారు పంపిన ప్రతిపాదనల ఆధారంగా బడ్జెట్ రిలీజ్ అవుతుంది. వచ్చిన సొమ్ము లబ్ధిదారుల బ్యాంకు ఖాతాలో జమ అవుతుంది. కార్మికశాఖలో సంక్షేమ పథకాల కోసం దరఖాస్తు చేసుకోవడానికి కార్మికులు ఎలాంటి డబ్బులు చెల్లించాల్సిన అవసరం లేదు.

బతుకమ్మ చీరల పంపిణీకి కసరత్తు

జనంసాక్షి:పాలనాప్రాంగణం, తెలంగాణ సంస్కృతి, సంప్రదాయానికి నిలువెత్తు చిరునామాగా నిల్చే బతుకమ్మ పండగకు ఆడపడుచులకు ప్రభుత్వం సారె(కానుక)గా చీరలు పంపిణీ చేయనుంది. ఇందుకోసం జిల్లాయంత్రాంగం ముమ్మర కసరత్తు చేస్తోంది. చీరల పంపిణీ సక్రమంగా జరిగేలా కమిటీని ఏర్పాటుచేశారు. ఆహారభద్రత కార్డులో నమోదై ఉన్న మహిళలను, 18ఏళ్లు నిండిన యువతులను అర్హులుగా గుర్తించారు. జిల్లావ్యాప్తంగా మొత్తం 2,29,169మంది యువతులకు, మహిళలకు వచ్చే నెల 20 నుంచి ఈ చీరలను పంపిణీచేయాలని నిర్ణయించారు.

నోడల్ అధికారుల ఎంపిక

ప్రభుత్వం ప్రతిష్టాత్మకంగా భావిస్తున్న బతుకమ్మ చీరల పంపిణీ కార్యక్రమం జిల్లాలో సజావుగా సాగేలా నోడల్ అధికారులను నియమించారు. జిల్లా నోడల్ అధికారిగా జిల్లాగ్రామీణాభివృద్ధి అధికారి రాజేశ్వర్‌రాథోడ్ నియమితులు కాగా ఆదిలాబాద్ నియోజకవర్గానికి ఆర్డీవో సూర్యనారాయణ, బోథ్‌కు జడ్పీ సీఈవో జితేందర్‌రెడ్డి నోడల్ అధికారులుగా వ్యవహరించనున్నారు. మండలానికి తహసీల్దార్లు, గ్రామానికి పంచాయతీ, రెవెన్యూ

పది రంగుల్లో గల చీరలను పంపిణీకి ఎంపిక చేసినట్లుగా సంయుక్తపాలనాధికారి వెల్లడించారు. చీరతో పాటు జాకెట్టు వస్త్రం

భారీ బందోబస్తు నడుమ గణేశ్ నవరాత్రులు

ఆదిలాబాద్ జనంసాక్షి: గణేశ్ నవరాత్రులు, బక్రీద్ పండుగ ఉత్సవాలను భారీ బందోబస్తు నడుమ నిర్వహించాలని కరీంనగర్ రేంజ్ డీఐజీ సి.రవివర్మ పేర్కొన్నారు. ఈ మేరకు అన్ని ఏర్పాట్లను రేపటిలోగా పూర్తిచేయాలని అధికారులను ఆదేశించారు. ఆదిలాబాద్ పోలీసు విశ్రాంతి భవనంలో బుధవారం రాత్రి ఆదిలాబాద్, నిర్మల్ జిల్లాల పోలీసు అధికారులతో ప్రత్యేకంగా సమావేశమయ్యారు. సాయుధ పోలీసుల గౌరవ వందనం స్వీకరించిన అనంతరం సమావేశంలో పలు సూచనలు తెలియజేశారు. తెలంగాణలో అత్యంత కీలకమైన జిల్లాల్లో ఆదిలాబాద్, నిర్మల్‌లు ఉన్నాయని, ఈ నేపథ్యంలో నవరాత్రులను ముందుచూపుతో, అన్ని జాగ్రత్తలతో నిర్వహించాలని సూచించారు. బక్రీద్ పండగ ముగిసేంత వరకు ఒక ప్రత్యేక కంట్రోల్ గదిని అందుబాటులో ఉంచాలని తెలిపారు. అల్లర్లకు దారితీసే ఎలాంటి మెసేజ్‌లను పోస్టుచేసినా, అలాంటివారిపై కఠిన చర్యలు తీసుకోవాలన్నారు. గతంలో కవ్వింపు చర్యలకు పాల్పడ్డవారిని గుర్తించి న్యాయస్థానం సమక్షంలో బైండోవర్ చేయాలన్నారు. ఈ కార్యక్రమంలో జిల్లా పోలీసు ఉన్నతాధికారి శ్రీనివాస్, డీఎస్పీలు లక్ష్మీనారాయణ, చంద్రప్రభు, సీతారాములు, మనోహర్‌రెడ్డి, సీఐలు స్వామి, సురేశ్, పురుషోత్తం, శ్రీనివాస్, జీవన్‌రెడ్డి, సతీశ్‌కుమార్, తదితరులు పాల్గొన్నారు.

పౌష్టికాహారంతో ‘గిరి’మాతా, శిశువుల్లో రక్తహీనత దూరం

ఉట్నూరు, జనంసాక్షి: గిరిజన మాత, శిశువులకు పౌష్టికాహారం అందించడంతో వారిలో నెలకొన్న రక్తహీనత సమస్య దూరమవుతోందని ఎంపీ గొడం నగేష్ పేర్కొన్నారు. బుధవారం ఉట్నూరులో ఇక్రిశాట్ తయారుచేసిన ప్రత్యేక ఆహారం పంపిణీ కార్యక్రమాన్ని ఎమ్మెల్యే రేఖానాయక్, ఐటీడీఏ ఇన్చార్జి పీఓ కర్ణన్, ఏటీడబ్ల్యూఏసీ చైర్మన్ లక్కేరావుతో కలిసి ఆయన ప్రారంభించారు
